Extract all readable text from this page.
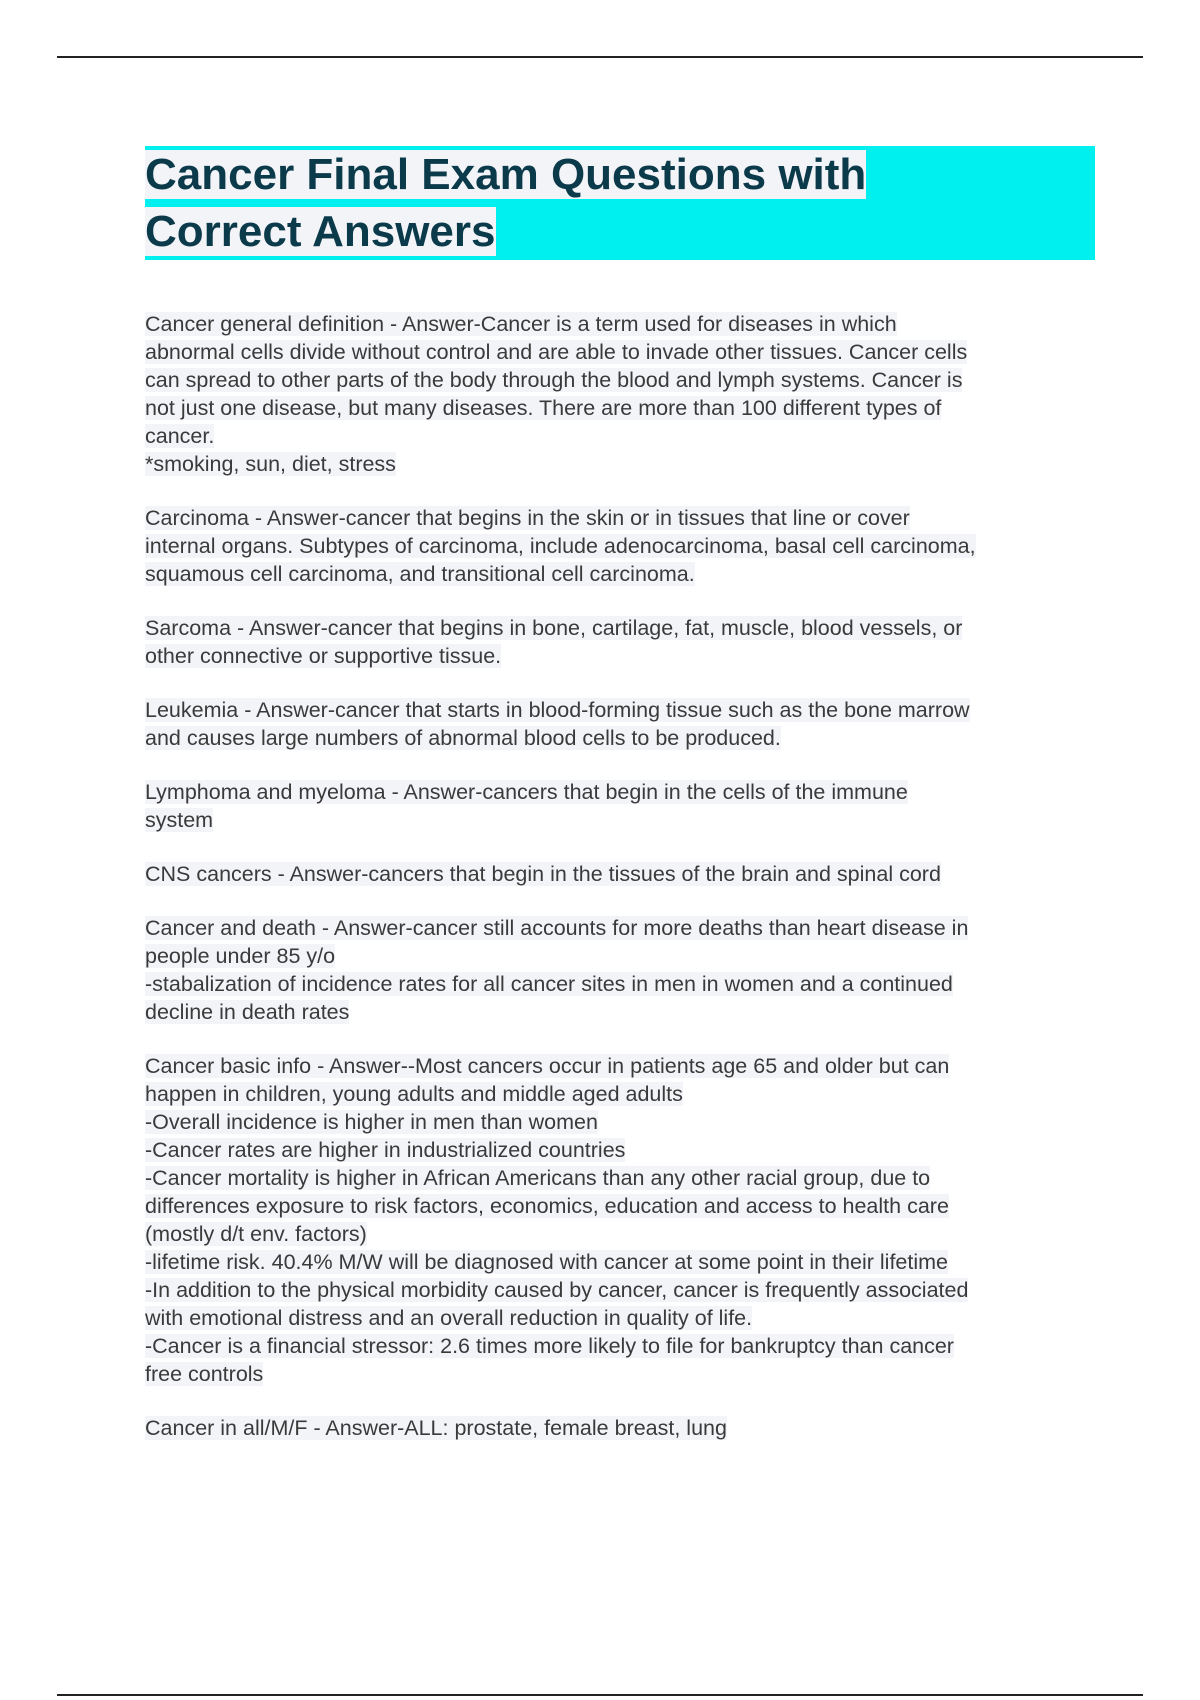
Cancer Final Exam Questions with
Correct Answers

Cancer general definition - Answer-Cancer is a term used for diseases in which
abnormal cells divide without control and are able to invade other tissues. Cancer cells
can spread to other parts of the body through the blood and lymph systems. Cancer is
not just one disease, but many diseases. There are more than 100 different types of
cancer.
*smoking, sun, diet, stress

Carcinoma - Answer-cancer that begins in the skin or in tissues that line or cover
internal organs. Subtypes of carcinoma, include adenocarcinoma, basal cell carcinoma,
squamous cell carcinoma, and transitional cell carcinoma.

Sarcoma - Answer-cancer that begins in bone, cartilage, fat, muscle, blood vessels, or
other connective or supportive tissue.

Leukemia - Answer-cancer that starts in blood-forming tissue such as the bone marrow
and causes large numbers of abnormal blood cells to be produced.

Lymphoma and myeloma - Answer-cancers that begin in the cells of the immune
system

CNS cancers - Answer-cancers that begin in the tissues of the brain and spinal cord

Cancer and death - Answer-cancer still accounts for more deaths than heart disease in
people under 85 y/o
-stabalization of incidence rates for all cancer sites in men in women and a continued
decline in death rates

Cancer basic info - Answer--Most cancers occur in patients age 65 and older but can
happen in children, young adults and middle aged adults
-Overall incidence is higher in men than women
-Cancer rates are higher in industrialized countries
-Cancer mortality is higher in African Americans than any other racial group, due to
differences exposure to risk factors, economics, education and access to health care
(mostly d/t env. factors)
-lifetime risk. 40.4% M/W will be diagnosed with cancer at some point in their lifetime
-In addition to the physical morbidity caused by cancer, cancer is frequently associated
with emotional distress and an overall reduction in quality of life.
-Cancer is a financial stressor: 2.6 times more likely to file for bankruptcy than cancer
free controls

Cancer in all/M/F - Answer-ALL: prostate, female breast, lung
